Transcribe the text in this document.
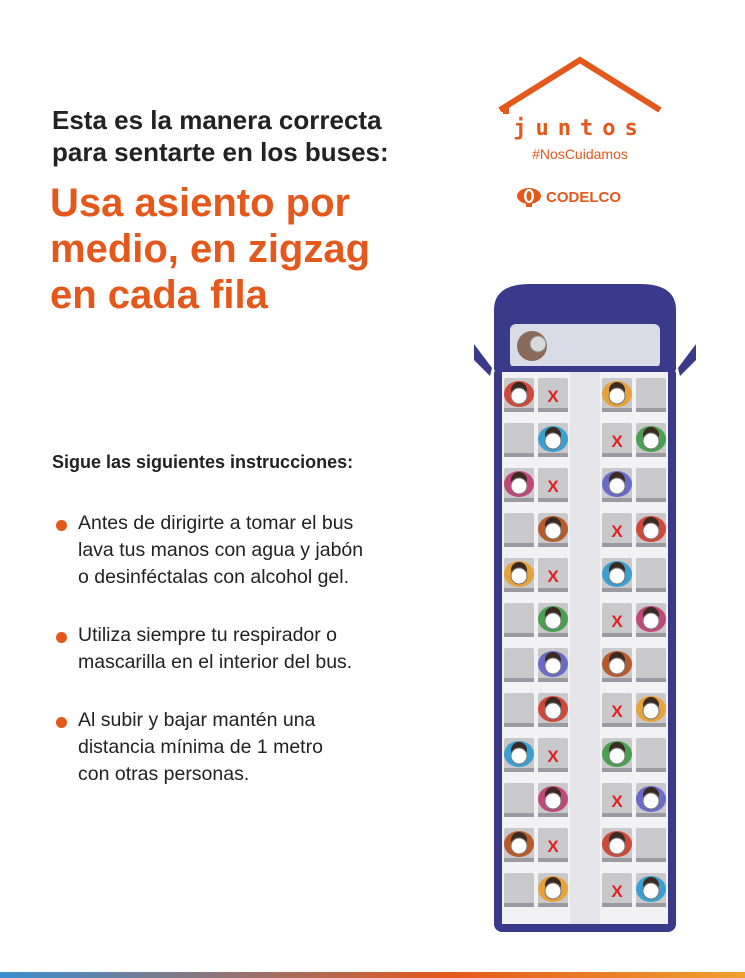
Esta es la manera correcta

para sentarte en los buses:

Usa asiento por

medio, en zigzag

en cada fila

juntos
#NosCuidamos
CODELCO
Sigue las siguientes instrucciones:
Antes de dirigirte a tomar el bus
lava tus manos con agua y jabón
o desinféctalas con alcohol gel.
Utiliza siempre tu respirador o
mascarilla en el interior del bus.
Al subir y bajar mantén una
distancia mínima de 1 metro
con otras personas.
X
X
X
X
X
X
X
X
X
X
X
